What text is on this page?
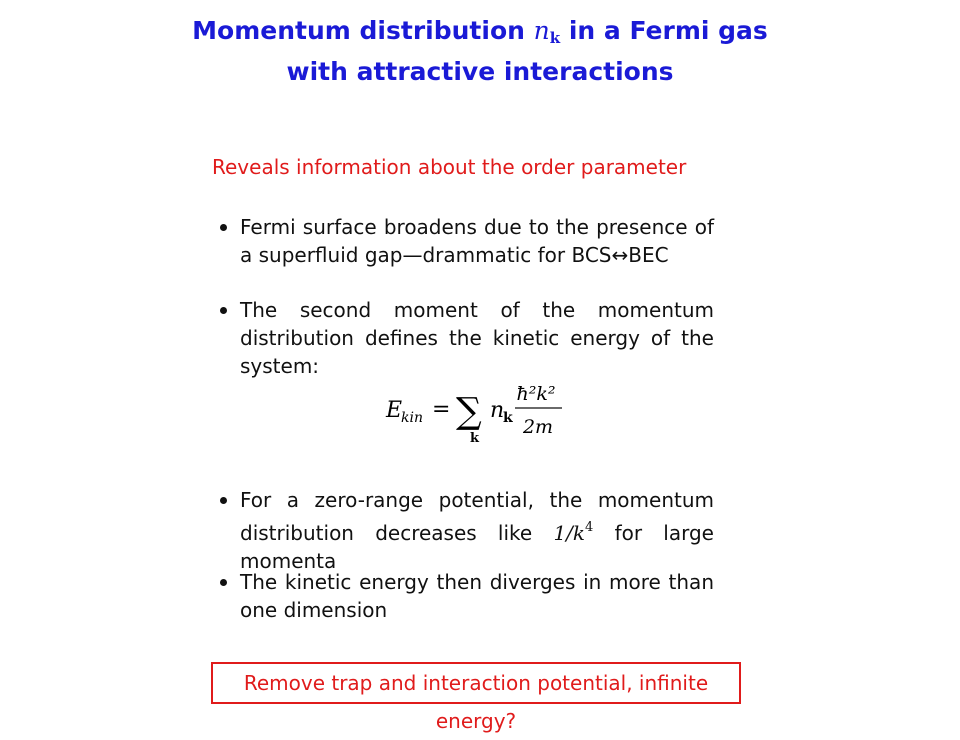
Momentum distribution $n_k$ in a Fermi gas with attractive interactions
Reveals information about the order parameter
Fermi surface broadens due to the presence of a superfluid gap—drammatic for BCS↔BEC
The second moment of the momentum distribution defines the kinetic energy of the system:
E
kin = ∑
k
n
k
ħ²k²
2m
For a zero-range potential, the momentum distribution decreases like $1/k^4$ for large momenta
The kinetic energy then diverges in more than one dimension
Remove trap and interaction potential, infinite energy?
